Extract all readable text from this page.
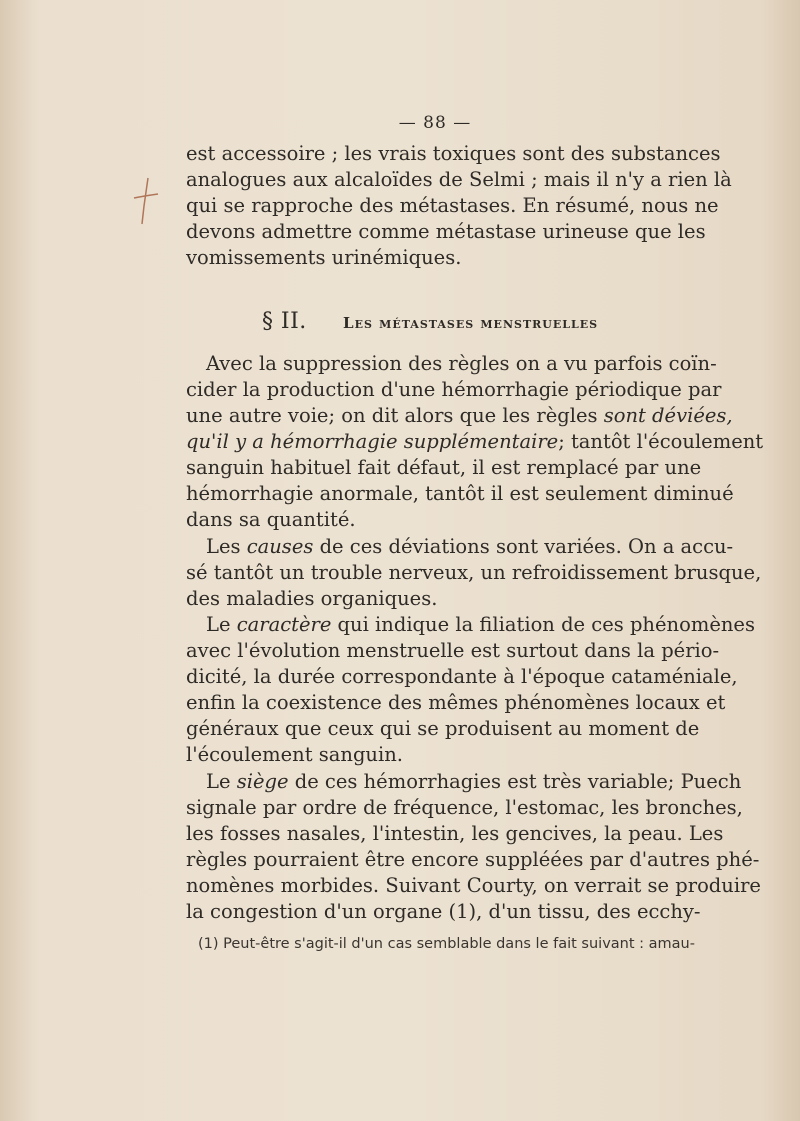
— 88 —
est accessoire ; les vrais toxiques sont des substances
analogues aux alcaloïdes de Selmi ; mais il n'y a rien là
qui se rapproche des métastases. En résumé, nous ne
devons admettre comme métastase urineuse que les
vomissements urinémiques.
§ II. Les métastases menstruelles
Avec la suppression des règles on a vu parfois coïn-
cider la production d'une hémorrhagie périodique par
une autre voie; on dit alors que les règles sont déviées,
qu'il y a hémorrhagie supplémentaire; tantôt l'écoulement
sanguin habituel fait défaut, il est remplacé par une
hémorrhagie anormale, tantôt il est seulement diminué
dans sa quantité.
Les causes de ces déviations sont variées. On a accu-
sé tantôt un trouble nerveux, un refroidissement brusque,
des maladies organiques.
Le caractère qui indique la filiation de ces phénomènes
avec l'évolution menstruelle est surtout dans la pério-
dicité, la durée correspondante à l'époque cataméniale,
enfin la coexistence des mêmes phénomènes locaux et
généraux que ceux qui se produisent au moment de
l'écoulement sanguin.
Le siège de ces hémorrhagies est très variable; Puech
signale par ordre de fréquence, l'estomac, les bronches,
les fosses nasales, l'intestin, les gencives, la peau. Les
règles pourraient être encore suppléées par d'autres phé-
nomènes morbides. Suivant Courty, on verrait se produire
la congestion d'un organe (1), d'un tissu, des ecchy-
(1) Peut-être s'agit-il d'un cas semblable dans le fait suivant : amau-
